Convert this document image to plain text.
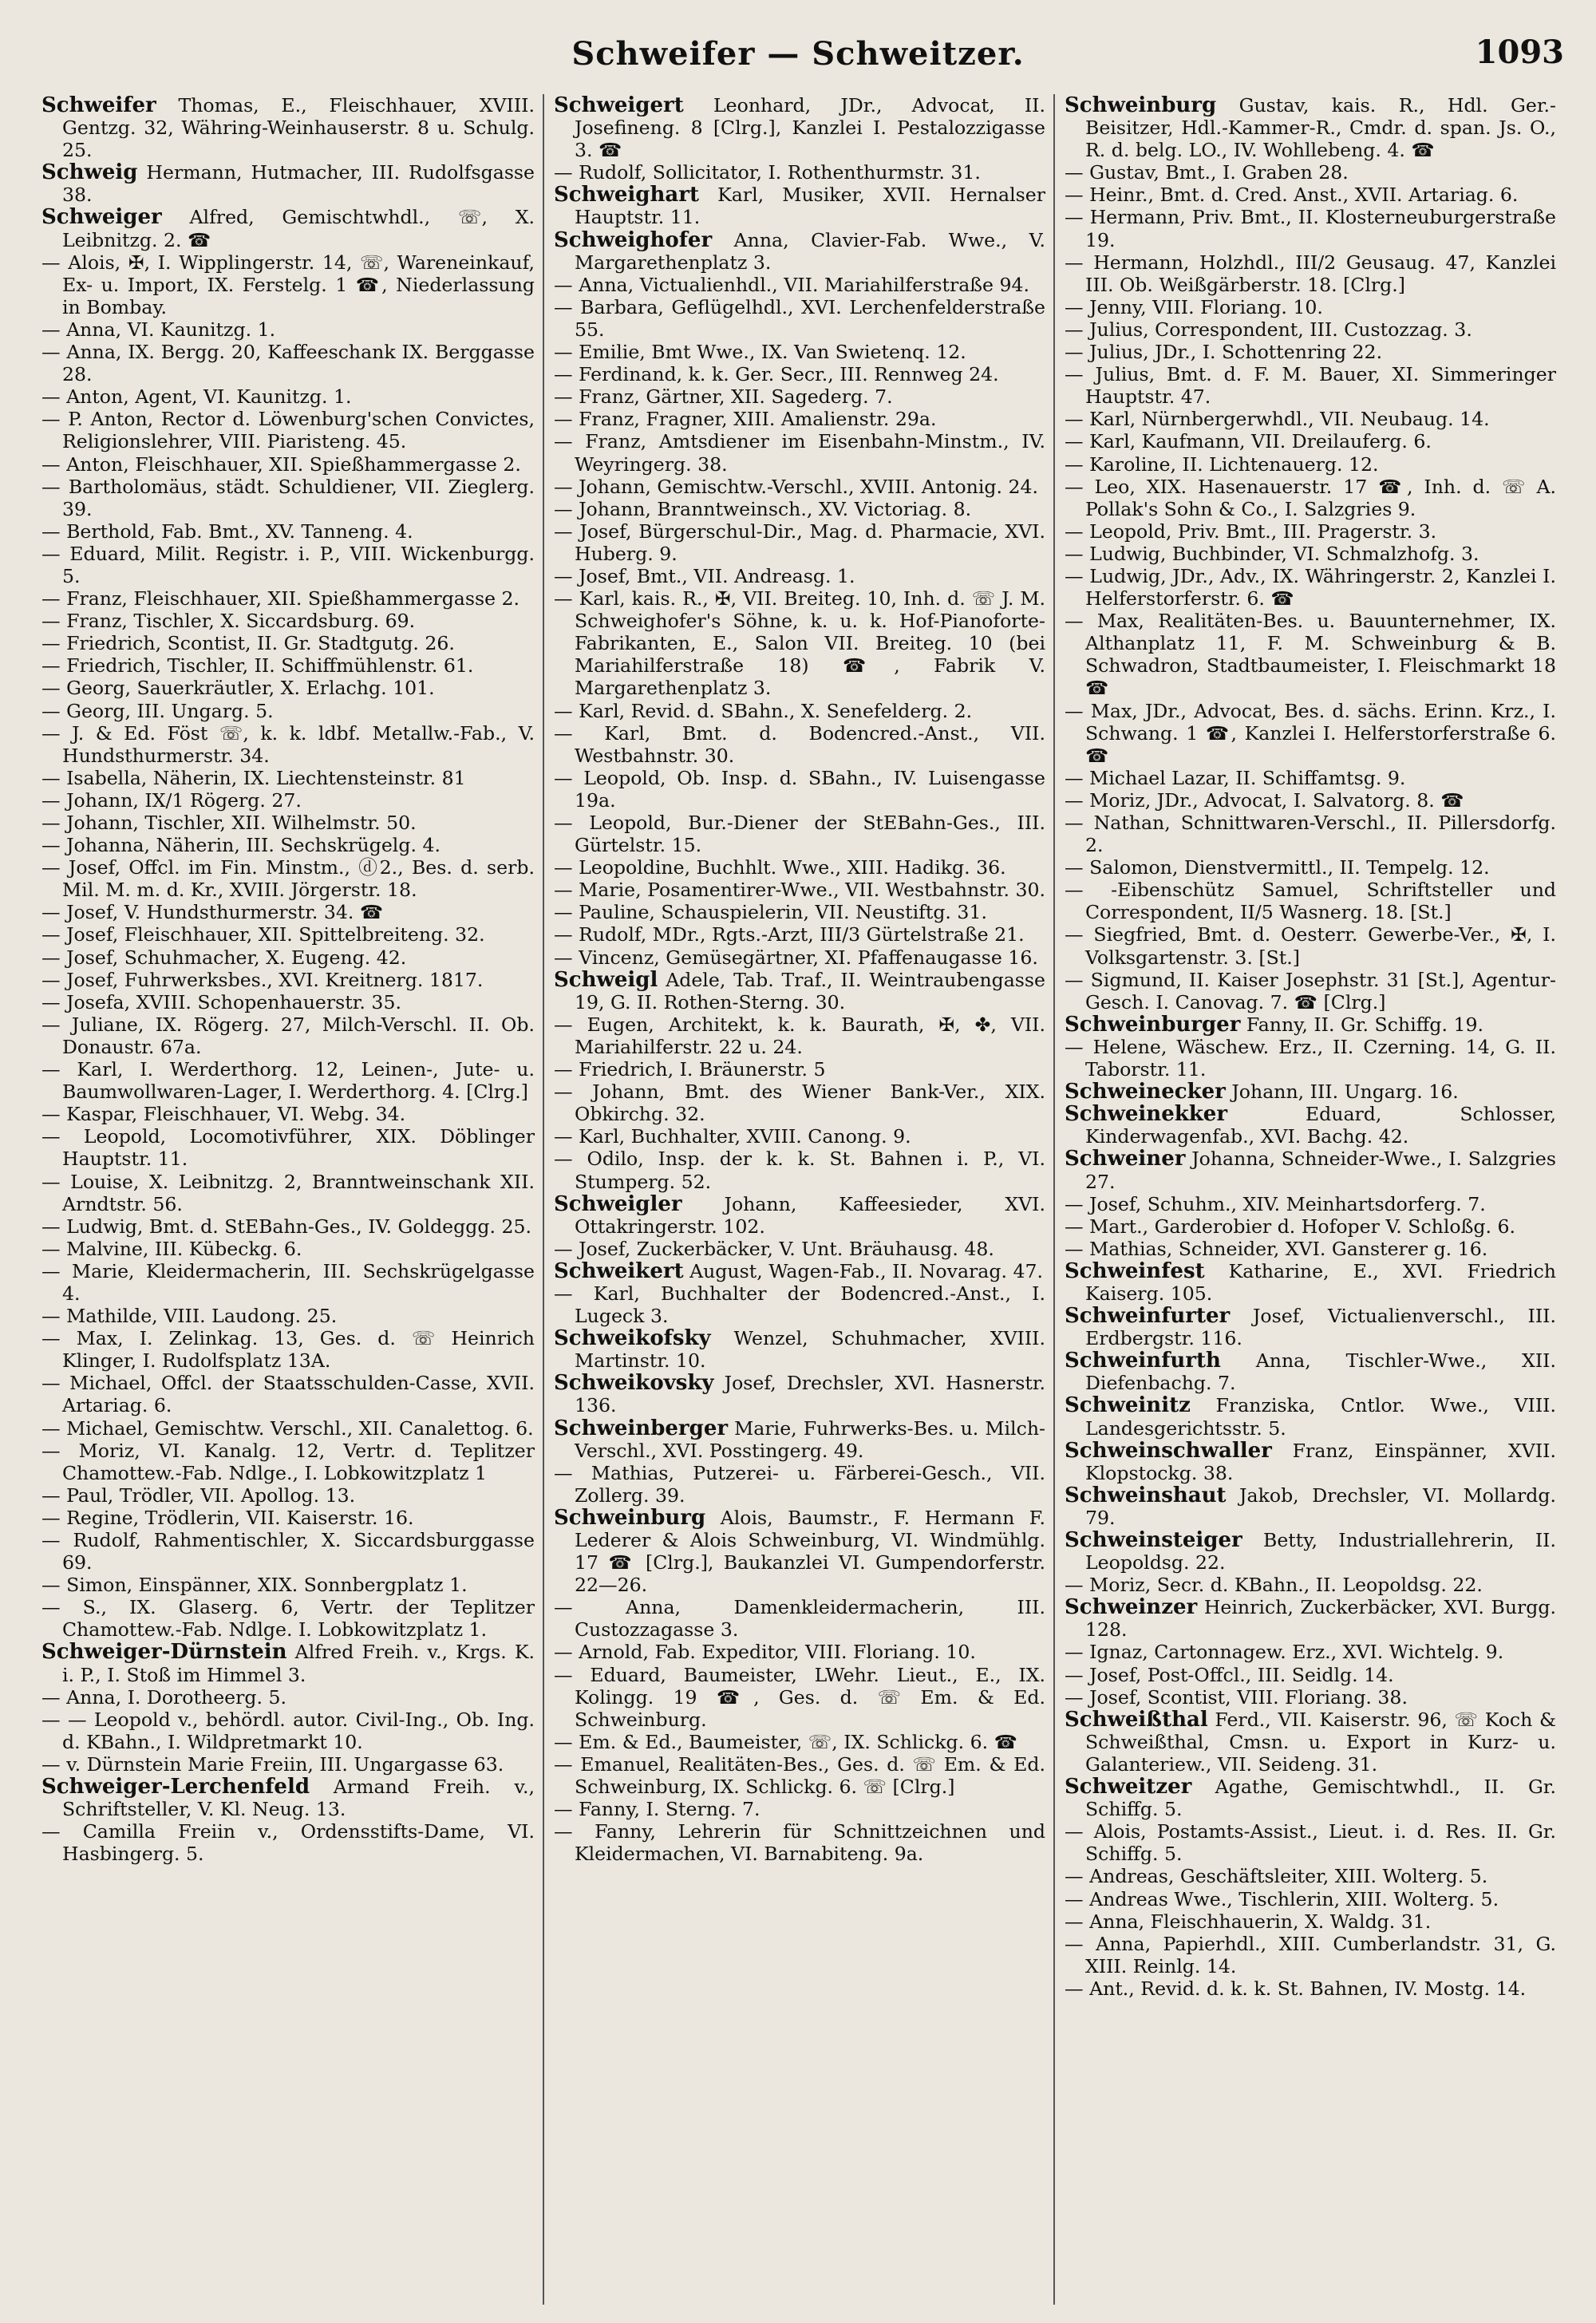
Schweifer — Schweitzer.	1093

Schweifer Thomas, E., Fleischhauer, XVIII. Gentzg. 32, Währing-Weinhauserstr. 8 u. Schulg. 25.

Schweig Hermann, Hutmacher, III. Rudolfsgasse 38.

Schweiger Alfred, Gemischtwhdl., ☏, X. Leibnitzg. 2. ☎

— Alois, ✠, I. Wipplingerstr. 14, ☏, Wareneinkauf, Ex- u. Import, IX. Ferstelg. 1 ☎, Niederlassung in Bombay.

— Anna, VI. Kaunitzg. 1.

— Anna, IX. Bergg. 20, Kaffeeschank IX. Berggasse 28.

— Anton, Agent, VI. Kaunitzg. 1.

— P. Anton, Rector d. Löwenburg'schen Convictes, Religionslehrer, VIII. Piaristeng. 45.

— Anton, Fleischhauer, XII. Spießhammergasse 2.

— Bartholomäus, städt. Schuldiener, VII. Zieglerg. 39.

— Berthold, Fab. Bmt., XV. Tanneng. 4.

— Eduard, Milit. Registr. i. P., VIII. Wickenburgg. 5.

— Franz, Fleischhauer, XII. Spießhammergasse 2.

— Franz, Tischler, X. Siccardsburg. 69.

— Friedrich, Scontist, II. Gr. Stadtgutg. 26.

— Friedrich, Tischler, II. Schiffmühlenstr. 61.

— Georg, Sauerkräutler, X. Erlachg. 101.

— Georg, III. Ungarg. 5.

— J. & Ed. Föst ☏, k. k. ldbf. Metallw.-Fab., V. Hundsthurmerstr. 34.

— Isabella, Näherin, IX. Liechtensteinstr. 81

— Johann, IX/1 Rögerg. 27.

— Johann, Tischler, XII. Wilhelmstr. 50.

— Johanna, Näherin, III. Sechskrügelg. 4.

— Josef, Offcl. im Fin. Minstm., ⓓ2., Bes. d. serb. Mil. M. m. d. Kr., XVIII. Jörgerstr. 18.

— Josef, V. Hundsthurmerstr. 34. ☎

— Josef, Fleischhauer, XII. Spittelbreiteng. 32.

— Josef, Schuhmacher, X. Eugeng. 42.

— Josef, Fuhrwerksbes., XVI. Kreitnerg. 1817.

— Josefa, XVIII. Schopenhauerstr. 35.

— Juliane, IX. Rögerg. 27, Milch-Verschl. II. Ob. Donaustr. 67a.

— Karl, I. Werderthorg. 12, Leinen-, Jute- u. Baumwollwaren-Lager, I. Werderthorg. 4. [Clrg.]

— Kaspar, Fleischhauer, VI. Webg. 34.

— Leopold, Locomotivführer, XIX. Döblinger Hauptstr. 11.

— Louise, X. Leibnitzg. 2, Branntweinschank XII. Arndtstr. 56.

— Ludwig, Bmt. d. StEBahn-Ges., IV. Goldeggg. 25.

— Malvine, III. Kübeckg. 6.

— Marie, Kleidermacherin, III. Sechskrügelgasse 4.

— Mathilde, VIII. Laudong. 25.

— Max, I. Zelinkag. 13, Ges. d. ☏ Heinrich Klinger, I. Rudolfsplatz 13A.

— Michael, Offcl. der Staatsschulden-Casse, XVII. Artariag. 6.

— Michael, Gemischtw. Verschl., XII. Canalettog. 6.

— Moriz, VI. Kanalg. 12, Vertr. d. Teplitzer Chamottew.-Fab. Ndlge., I. Lobkowitzplatz 1

— Paul, Trödler, VII. Apollog. 13.

— Regine, Trödlerin, VII. Kaiserstr. 16.

— Rudolf, Rahmentischler, X. Siccardsburggasse 69.

— Simon, Einspänner, XIX. Sonnbergplatz 1.

— S., IX. Glaserg. 6, Vertr. der Teplitzer Chamottew.-Fab. Ndlge. I. Lobkowitzplatz 1.

Schweiger-Dürnstein Alfred Freih. v., Krgs. K. i. P., I. Stoß im Himmel 3.

— Anna, I. Dorotheerg. 5.

— — Leopold v., behördl. autor. Civil-Ing., Ob. Ing. d. KBahn., I. Wildpretmarkt 10.

— v. Dürnstein Marie Freiin, III. Ungargasse 63.

Schweiger-Lerchenfeld Armand Freih. v., Schriftsteller, V. Kl. Neug. 13.

— Camilla Freiin v., Ordensstifts-Dame, VI. Hasbingerg. 5.

Schweigert Leonhard, JDr., Advocat, II. Josefineng. 8 [Clrg.], Kanzlei I. Pestalozzigasse 3. ☎

— Rudolf, Sollicitator, I. Rothenthurmstr. 31.

Schweighart Karl, Musiker, XVII. Hernalser Hauptstr. 11.

Schweighofer Anna, Clavier-Fab. Wwe., V. Margarethenplatz 3.

— Anna, Victualienhdl., VII. Mariahilferstraße 94.

— Barbara, Geflügelhdl., XVI. Lerchenfelderstraße 55.

— Emilie, Bmt Wwe., IX. Van Swietenq. 12.

— Ferdinand, k. k. Ger. Secr., III. Rennweg 24.

— Franz, Gärtner, XII. Sagederg. 7.

— Franz, Fragner, XIII. Amalienstr. 29a.

— Franz, Amtsdiener im Eisenbahn-Minstm., IV. Weyringerg. 38.

— Johann, Gemischtw.-Verschl., XVIII. Antonig. 24.

— Johann, Branntweinsch., XV. Victoriag. 8.

— Josef, Bürgerschul-Dir., Mag. d. Pharmacie, XVI. Huberg. 9.

— Josef, Bmt., VII. Andreasg. 1.

— Karl, kais. R., ✠, VII. Breiteg. 10, Inh. d. ☏ J. M. Schweighofer's Söhne, k. u. k. Hof-Pianoforte-Fabrikanten, E., Salon VII. Breiteg. 10 (bei Mariahilferstraße 18) ☎, Fabrik V. Margarethenplatz 3.

— Karl, Revid. d. SBahn., X. Senefelderg. 2.

— Karl, Bmt. d. Bodencred.-Anst., VII. Westbahnstr. 30.

— Leopold, Ob. Insp. d. SBahn., IV. Luisengasse 19a.

— Leopold, Bur.-Diener der StEBahn-Ges., III. Gürtelstr. 15.

— Leopoldine, Buchhlt. Wwe., XIII. Hadikg. 36.

— Marie, Posamentirer-Wwe., VII. Westbahnstr. 30.

— Pauline, Schauspielerin, VII. Neustiftg. 31.

— Rudolf, MDr., Rgts.-Arzt, III/3 Gürtelstraße 21.

— Vincenz, Gemüsegärtner, XI. Pfaffenaugasse 16.

Schweigl Adele, Tab. Traf., II. Weintraubengasse 19, G. II. Rothen-Sterng. 30.

— Eugen, Architekt, k. k. Baurath, ✠, ✤, VII. Mariahilferstr. 22 u. 24.

— Friedrich, I. Bräunerstr. 5

— Johann, Bmt. des Wiener Bank-Ver., XIX. Obkirchg. 32.

— Karl, Buchhalter, XVIII. Canong. 9.

— Odilo, Insp. der k. k. St. Bahnen i. P., VI. Stumperg. 52.

Schweigler Johann, Kaffeesieder, XVI. Ottakringerstr. 102.

— Josef, Zuckerbäcker, V. Unt. Bräuhausg. 48.

Schweikert August, Wagen-Fab., II. Novarag. 47.

— Karl, Buchhalter der Bodencred.-Anst., I. Lugeck 3.

Schweikofsky Wenzel, Schuhmacher, XVIII. Martinstr. 10.

Schweikovsky Josef, Drechsler, XVI. Hasnerstr. 136.

Schweinberger Marie, Fuhrwerks-Bes. u. Milch-Verschl., XVI. Posstingerg. 49.

— Mathias, Putzerei- u. Färberei-Gesch., VII. Zollerg. 39.

Schweinburg Alois, Baumstr., F. Hermann F. Lederer & Alois Schweinburg, VI. Windmühlg. 17 ☎ [Clrg.], Baukanzlei VI. Gumpendorferstr. 22—26.

— Anna, Damenkleidermacherin, III. Custozzagasse 3.

— Arnold, Fab. Expeditor, VIII. Floriang. 10.

— Eduard, Baumeister, LWehr. Lieut., E., IX. Kolingg. 19 ☎, Ges. d. ☏ Em. & Ed. Schweinburg.

— Em. & Ed., Baumeister, ☏, IX. Schlickg. 6. ☎

— Emanuel, Realitäten-Bes., Ges. d. ☏ Em. & Ed. Schweinburg, IX. Schlickg. 6. ☏ [Clrg.]

— Fanny, I. Sterng. 7.

— Fanny, Lehrerin für Schnittzeichnen und Kleidermachen, VI. Barnabiteng. 9a.

Schweinburg Gustav, kais. R., Hdl. Ger.-Beisitzer, Hdl.-Kammer-R., Cmdr. d. span. Js. O., R. d. belg. LO., IV. Wohllebeng. 4. ☎

— Gustav, Bmt., I. Graben 28.

— Heinr., Bmt. d. Cred. Anst., XVII. Artariag. 6.

— Hermann, Priv. Bmt., II. Klosterneuburgerstraße 19.

— Hermann, Holzhdl., III/2 Geusaug. 47, Kanzlei III. Ob. Weißgärberstr. 18. [Clrg.]

— Jenny, VIII. Floriang. 10.

— Julius, Correspondent, III. Custozzag. 3.

— Julius, JDr., I. Schottenring 22.

— Julius, Bmt. d. F. M. Bauer, XI. Simmeringer Hauptstr. 47.

— Karl, Nürnbergerwhdl., VII. Neubaug. 14.

— Karl, Kaufmann, VII. Dreilauferg. 6.

— Karoline, II. Lichtenauerg. 12.

— Leo, XIX. Hasenauerstr. 17 ☎, Inh. d. ☏ A. Pollak's Sohn & Co., I. Salzgries 9.

— Leopold, Priv. Bmt., III. Pragerstr. 3.

— Ludwig, Buchbinder, VI. Schmalzhofg. 3.

— Ludwig, JDr., Adv., IX. Währingerstr. 2, Kanzlei I. Helferstorferstr. 6. ☎

— Max, Realitäten-Bes. u. Bauunternehmer, IX. Althanplatz 11, F. M. Schweinburg & B. Schwadron, Stadtbaumeister, I. Fleischmarkt 18 ☎

— Max, JDr., Advocat, Bes. d. sächs. Erinn. Krz., I. Schwang. 1 ☎, Kanzlei I. Helferstorferstraße 6. ☎

— Michael Lazar, II. Schiffamtsg. 9.

— Moriz, JDr., Advocat, I. Salvatorg. 8. ☎

— Nathan, Schnittwaren-Verschl., II. Pillersdorfg. 2.

— Salomon, Dienstvermittl., II. Tempelg. 12.

— -Eibenschütz Samuel, Schriftsteller und Correspondent, II/5 Wasnerg. 18. [St.]

— Siegfried, Bmt. d. Oesterr. Gewerbe-Ver., ✠, I. Volksgartenstr. 3. [St.]

— Sigmund, II. Kaiser Josephstr. 31 [St.], Agentur-Gesch. I. Canovag. 7. ☎ [Clrg.]

Schweinburger Fanny, II. Gr. Schiffg. 19.

— Helene, Wäschew. Erz., II. Czerning. 14, G. II. Taborstr. 11.

Schweinecker Johann, III. Ungarg. 16.

Schweinekker Eduard, Schlosser, Kinderwagenfab., XVI. Bachg. 42.

Schweiner Johanna, Schneider-Wwe., I. Salzgries 27.

— Josef, Schuhm., XIV. Meinhartsdorferg. 7.

— Mart., Garderobier d. Hofoper V. Schloßg. 6.

— Mathias, Schneider, XVI. Gansterer g. 16.

Schweinfest Katharine, E., XVI. Friedrich Kaiserg. 105.

Schweinfurter Josef, Victualienverschl., III. Erdbergstr. 116.

Schweinfurth Anna, Tischler-Wwe., XII. Diefenbachg. 7.

Schweinitz Franziska, Cntlor. Wwe., VIII. Landesgerichtsstr. 5.

Schweinschwaller Franz, Einspänner, XVII. Klopstockg. 38.

Schweinshaut Jakob, Drechsler, VI. Mollardg. 79.

Schweinsteiger Betty, Industriallehrerin, II. Leopoldsg. 22.

— Moriz, Secr. d. KBahn., II. Leopoldsg. 22.

Schweinzer Heinrich, Zuckerbäcker, XVI. Burgg. 128.

— Ignaz, Cartonnagew. Erz., XVI. Wichtelg. 9.

— Josef, Post-Offcl., III. Seidlg. 14.

— Josef, Scontist, VIII. Floriang. 38.

Schweißthal Ferd., VII. Kaiserstr. 96, ☏ Koch & Schweißthal, Cmsn. u. Export in Kurz- u. Galanteriew., VII. Seideng. 31.

Schweitzer Agathe, Gemischtwhdl., II. Gr. Schiffg. 5.

— Alois, Postamts-Assist., Lieut. i. d. Res. II. Gr. Schiffg. 5.

— Andreas, Geschäftsleiter, XIII. Wolterg. 5.

— Andreas Wwe., Tischlerin, XIII. Wolterg. 5.

— Anna, Fleischhauerin, X. Waldg. 31.

— Anna, Papierhdl., XIII. Cumberlandstr. 31, G. XIII. Reinlg. 14.

— Ant., Revid. d. k. k. St. Bahnen, IV. Mostg. 14.
